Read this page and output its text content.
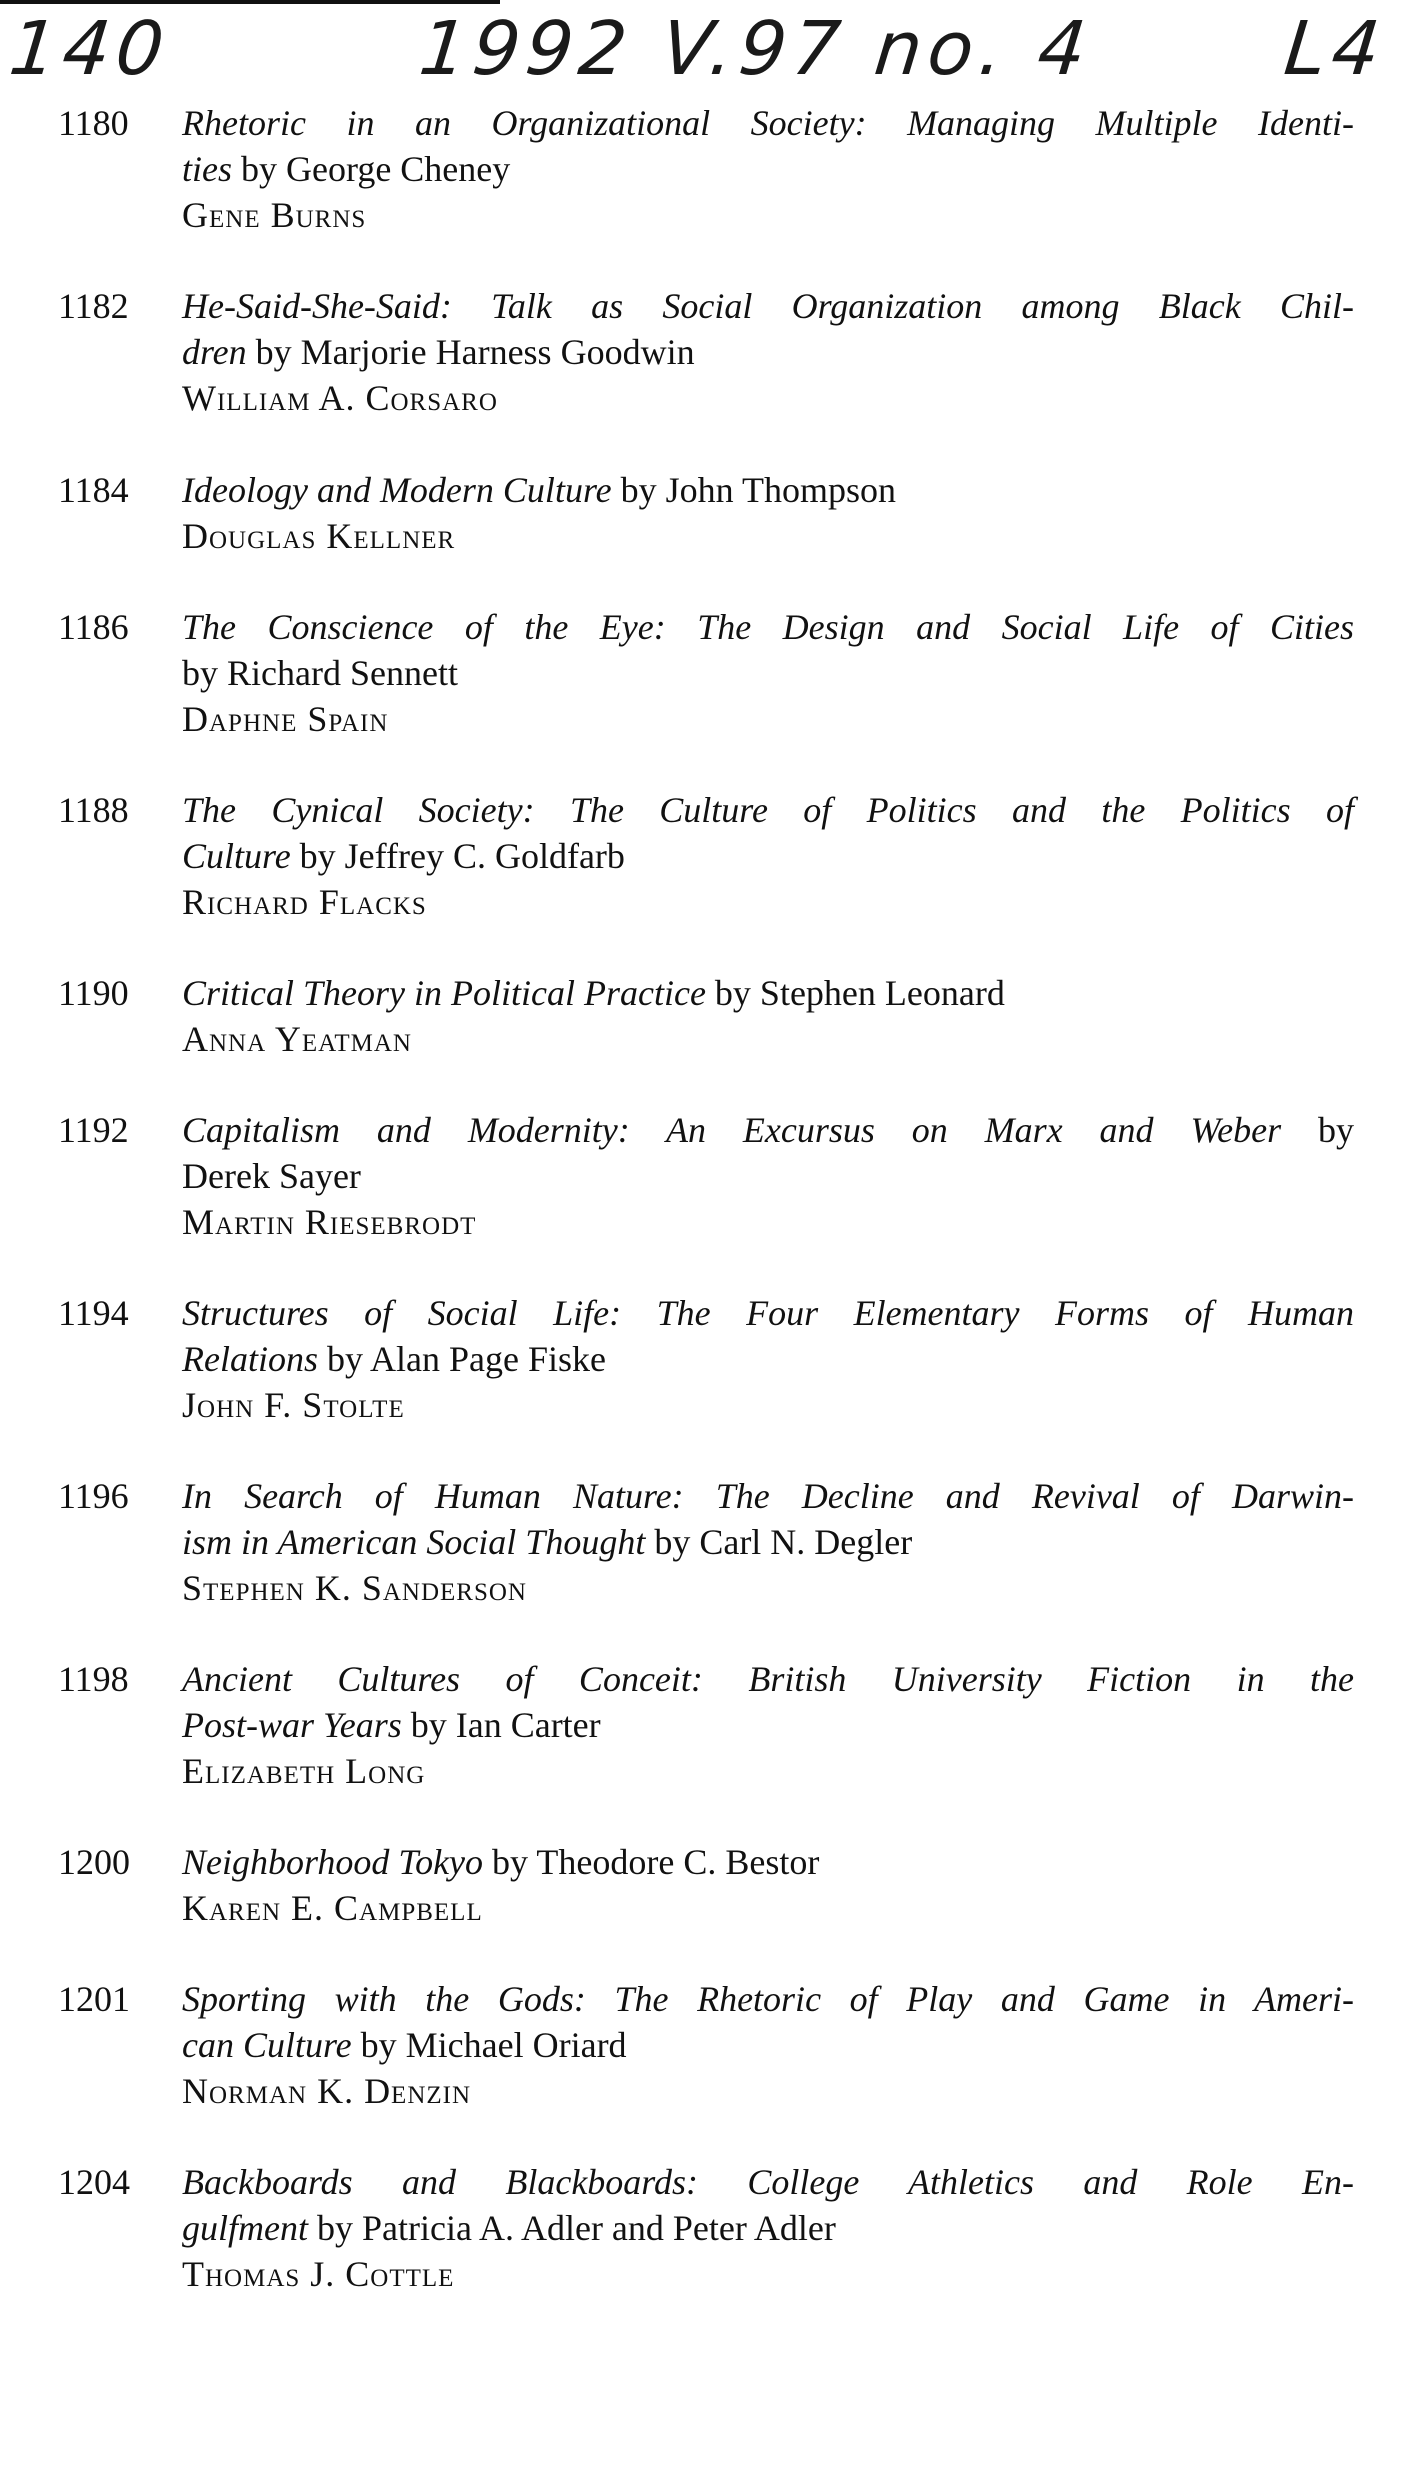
140	1992 V.97 no. 4 L4
1180	Rhetoric in an Organizational Society: Managing Multiple Identi-
ties by George Cheney
Gene Burns
1182	He-Said-She-Said: Talk as Social Organization among Black Chil-
dren by Marjorie Harness Goodwin
William A. Corsaro
1184	Ideology and Modern Culture by John Thompson
Douglas Kellner
1186	The Conscience of the Eye: The Design and Social Life of Cities
by Richard Sennett
Daphne Spain
1188	The Cynical Society: The Culture of Politics and the Politics of
Culture by Jeffrey C. Goldfarb
Richard Flacks
1190	Critical Theory in Political Practice by Stephen Leonard
Anna Yeatman
1192	Capitalism and Modernity: An Excursus on Marx and Weber by
Derek Sayer
Martin Riesebrodt
1194	Structures of Social Life: The Four Elementary Forms of Human
Relations by Alan Page Fiske
John F. Stolte
1196	In Search of Human Nature: The Decline and Revival of Darwin-
ism in American Social Thought by Carl N. Degler
Stephen K. Sanderson
1198	Ancient Cultures of Conceit: British University Fiction in the
Post-war Years by Ian Carter
Elizabeth Long
1200	Neighborhood Tokyo by Theodore C. Bestor
Karen E. Campbell
1201	Sporting with the Gods: The Rhetoric of Play and Game in Ameri-
can Culture by Michael Oriard
Norman K. Denzin
1204	Backboards and Blackboards: College Athletics and Role En-
gulfment by Patricia A. Adler and Peter Adler
Thomas J. Cottle
